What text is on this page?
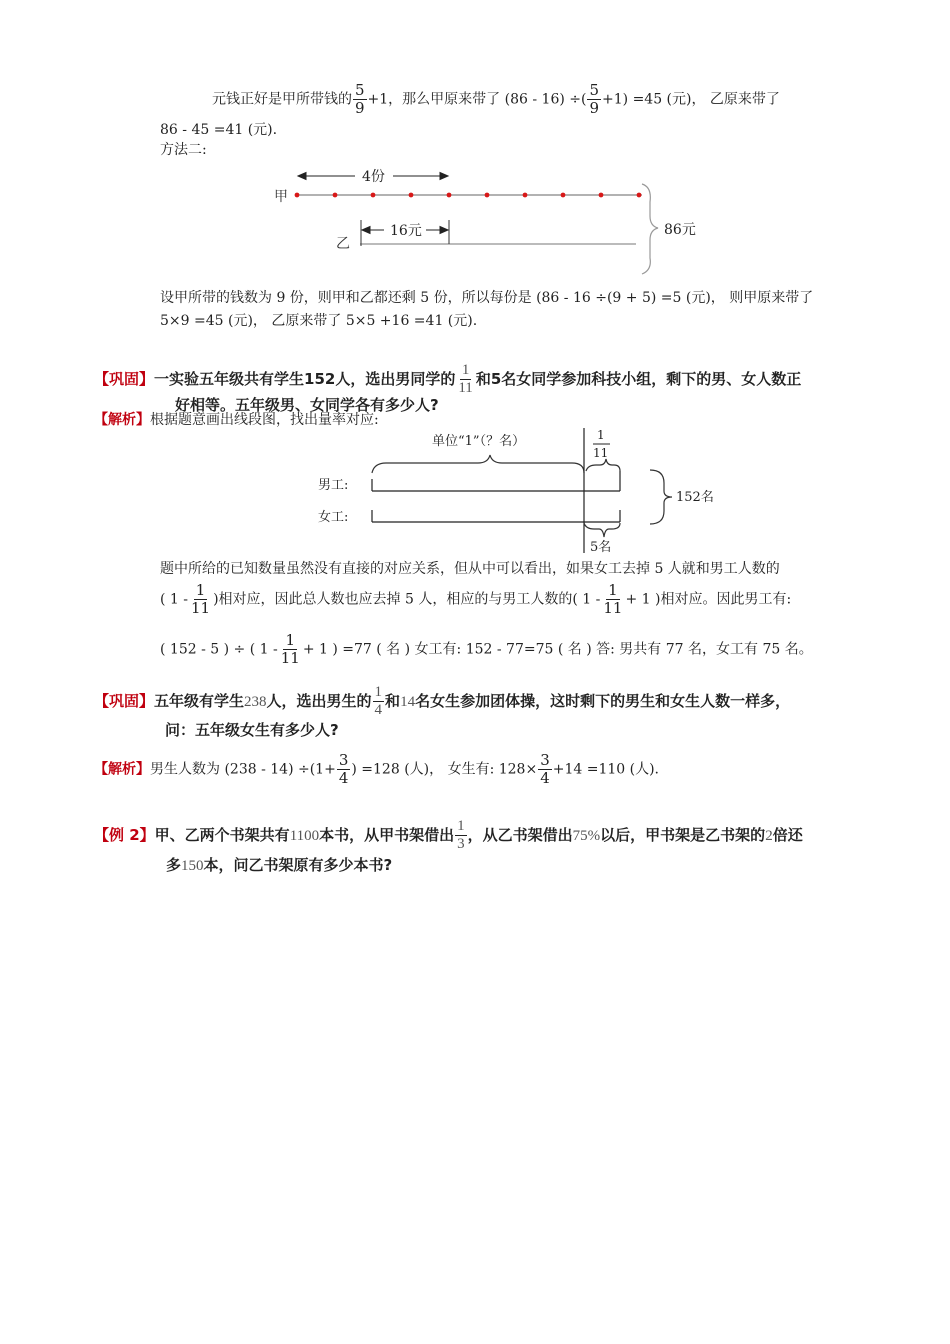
元钱正好是甲所带钱的 $\frac{5}{9} +1$，那么甲原来带了 (86 - 16) ÷( $\frac{5}{9} +1) =45$ (元)， 乙原来带了
86 - 45 =41 (元).
方法二:
甲
4份
乙
16元	86元
设甲所带的钱数为 9 份，则甲和乙都还剩 5 份，所以每份是 (86 - 16 ÷(9 + 5) =5 (元)， 则甲原来带了
5×9 =45 (元)， 乙原来带了 5×5 +16 =41 (元).
【巩固】一实验五年级共有学生152人，选出男同学的 $\frac{1}{11}$ 和5名女同学参加科技小组，剩下的男、女人数正
好相等。五年级男、女同学各有多少人?
【解析】根据题意画出线段图，找出量率对应:
单位“1”（？名）	1
11
男工:
女工:
5名
152名
题中所给的已知数量虽然没有直接的对应关系，但从中可以看出，如果女工去掉 5 人就和男工人数的
( $1 - \frac{1}{11}$ )相对应，因此总人数也应去掉 5 人，相应的与男工人数的( $1 - \frac{1}{11} + 1$ )相对应。因此男工有:
( 152 - 5 ) ÷ ( $1 - \frac{1}{11} + 1$ ) =77 ( 名 ) 女工有: 152 - 77=75 ( 名 ) 答: 男共有 77 名，女工有 75 名。
【巩固】五年级有学生238人，选出男生的 $\frac{1}{4}$ 和14名女生参加团体操，这时剩下的男生和女生人数一样多，
问：五年级女生有多少人?
【解析】男生人数为 $(238 - 14) \div(1+ \frac{3}{4}$ ) =128 (人)， 女生有: $128\times \frac{3}{4} +14 =110$ (人).
【例 2】甲、乙两个书架共有1100本书，从甲书架借出 $\frac{1}{3}$ ，从乙书架借出75%以后，甲书架是乙书架的2倍还
多150本，问乙书架原有多少本书?
